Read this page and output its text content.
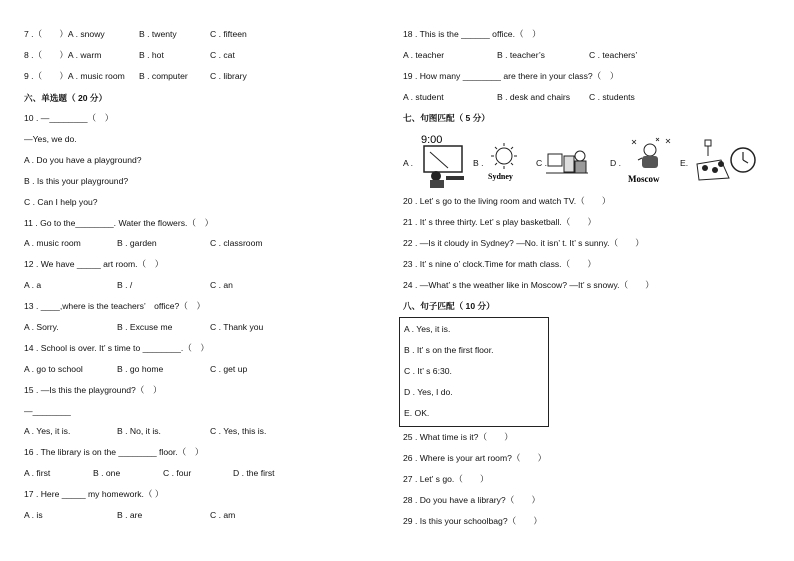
7 .（　　）A . snowy	B . twenty	C . fifteen
8 .（　　）A . warm	B . hot	C . cat
9 .（　　）A . music room B . computer	C . library
六、单选题（ 20 分）
10 . —________（　）
—Yes, we do.
A . Do you have a playground?
B . Is this your playground?
C . Can I help you?
11 . Go to the________. Water the flowers.（　）
A . music room	B . garden	C . classroom
12 . We have _____ art room.（　）
A . a	B . /	C . an
13 . ____,where is the teachers’　office?（　）
A . Sorry.	B . Excuse me	C . Thank you
14 . School is over. It’ s time to ________.（　）
A . go to school	B . go home	C . get up
15 . —Is this the playground?（　）
—________
A . Yes, it is.	B . No, it is.	C . Yes, this is.
16 . The library is on the ________ floor.（　）
A . first	B . one	C . four	D . the first
17 . Here _____ my homework.（ ）
A . is	B . are	C . am
18 . This is the ______ office.（　）
A . teacher	B . teacher’s	C . teachers’
19 . How many ________ are there in your class?（　）
A . student	B . desk and chairs C . students
七、句图匹配（ 5 分）
20 . Let’ s go to the living room and watch TV.（　　）
21 . It’ s three thirty. Let’ s play basketball.（　　）
22 . —Is it cloudy in Sydney? —No. it isn’ t. It’ s sunny.（　　）
23 . It’ s nine o’ clock.Time for math class.（　　）
24 . —What’ s the weather like in Moscow? —It’ s snowy.（　　）
八、句子匹配（ 10 分）
A . Yes, it is.
B . It’ s on the first floor.
C . It’ s 6:30.
D . Yes, I do.
E. OK.
25 . What time is it?（　　）
26 . Where is your art room?（　　）
27 . Let’ s go.（　　）
28 . Do you have a library?（　　）
29 . Is this your schoolbag?（　　）
A .
9:00
B .
Sydney
C .	D .
Moscow
E.
